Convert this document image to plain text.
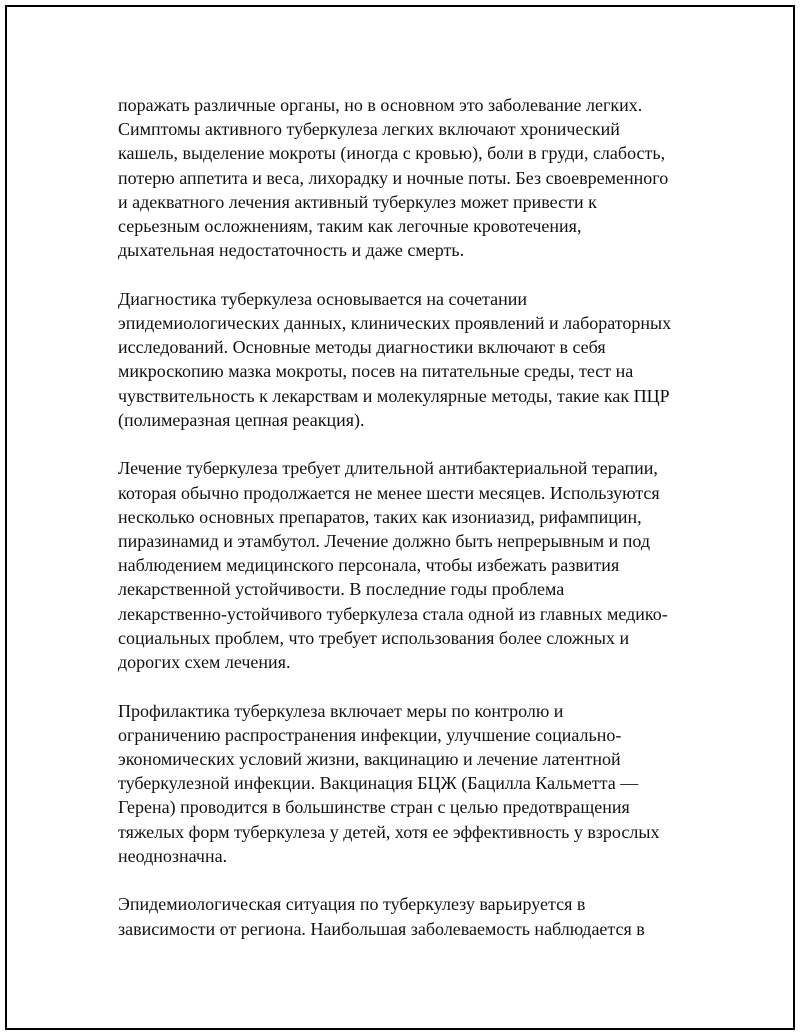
поражать различные органы, но в основном это заболевание легких.
Симптомы активного туберкулеза легких включают хронический
кашель, выделение мокроты (иногда с кровью), боли в груди, слабость,
потерю аппетита и веса, лихорадку и ночные поты. Без своевременного
и адекватного лечения активный туберкулез может привести к
серьезным осложнениям, таким как легочные кровотечения,
дыхательная недостаточность и даже смерть.

Диагностика туберкулеза основывается на сочетании
эпидемиологических данных, клинических проявлений и лабораторных
исследований. Основные методы диагностики включают в себя
микроскопию мазка мокроты, посев на питательные среды, тест на
чувствительность к лекарствам и молекулярные методы, такие как ПЦР
(полимеразная цепная реакция).

Лечение туберкулеза требует длительной антибактериальной терапии,
которая обычно продолжается не менее шести месяцев. Используются
несколько основных препаратов, таких как изониазид, рифампицин,
пиразинамид и этамбутол. Лечение должно быть непрерывным и под
наблюдением медицинского персонала, чтобы избежать развития
лекарственной устойчивости. В последние годы проблема
лекарственно-устойчивого туберкулеза стала одной из главных медико-
социальных проблем, что требует использования более сложных и
дорогих схем лечения.

Профилактика туберкулеза включает меры по контролю и
ограничению распространения инфекции, улучшение социально-
экономических условий жизни, вакцинацию и лечение латентной
туберкулезной инфекции. Вакцинация БЦЖ (Бацилла Кальметта —
Герена) проводится в большинстве стран с целью предотвращения
тяжелых форм туберкулеза у детей, хотя ее эффективность у взрослых
неоднозначна.

Эпидемиологическая ситуация по туберкулезу варьируется в
зависимости от региона. Наибольшая заболеваемость наблюдается в
